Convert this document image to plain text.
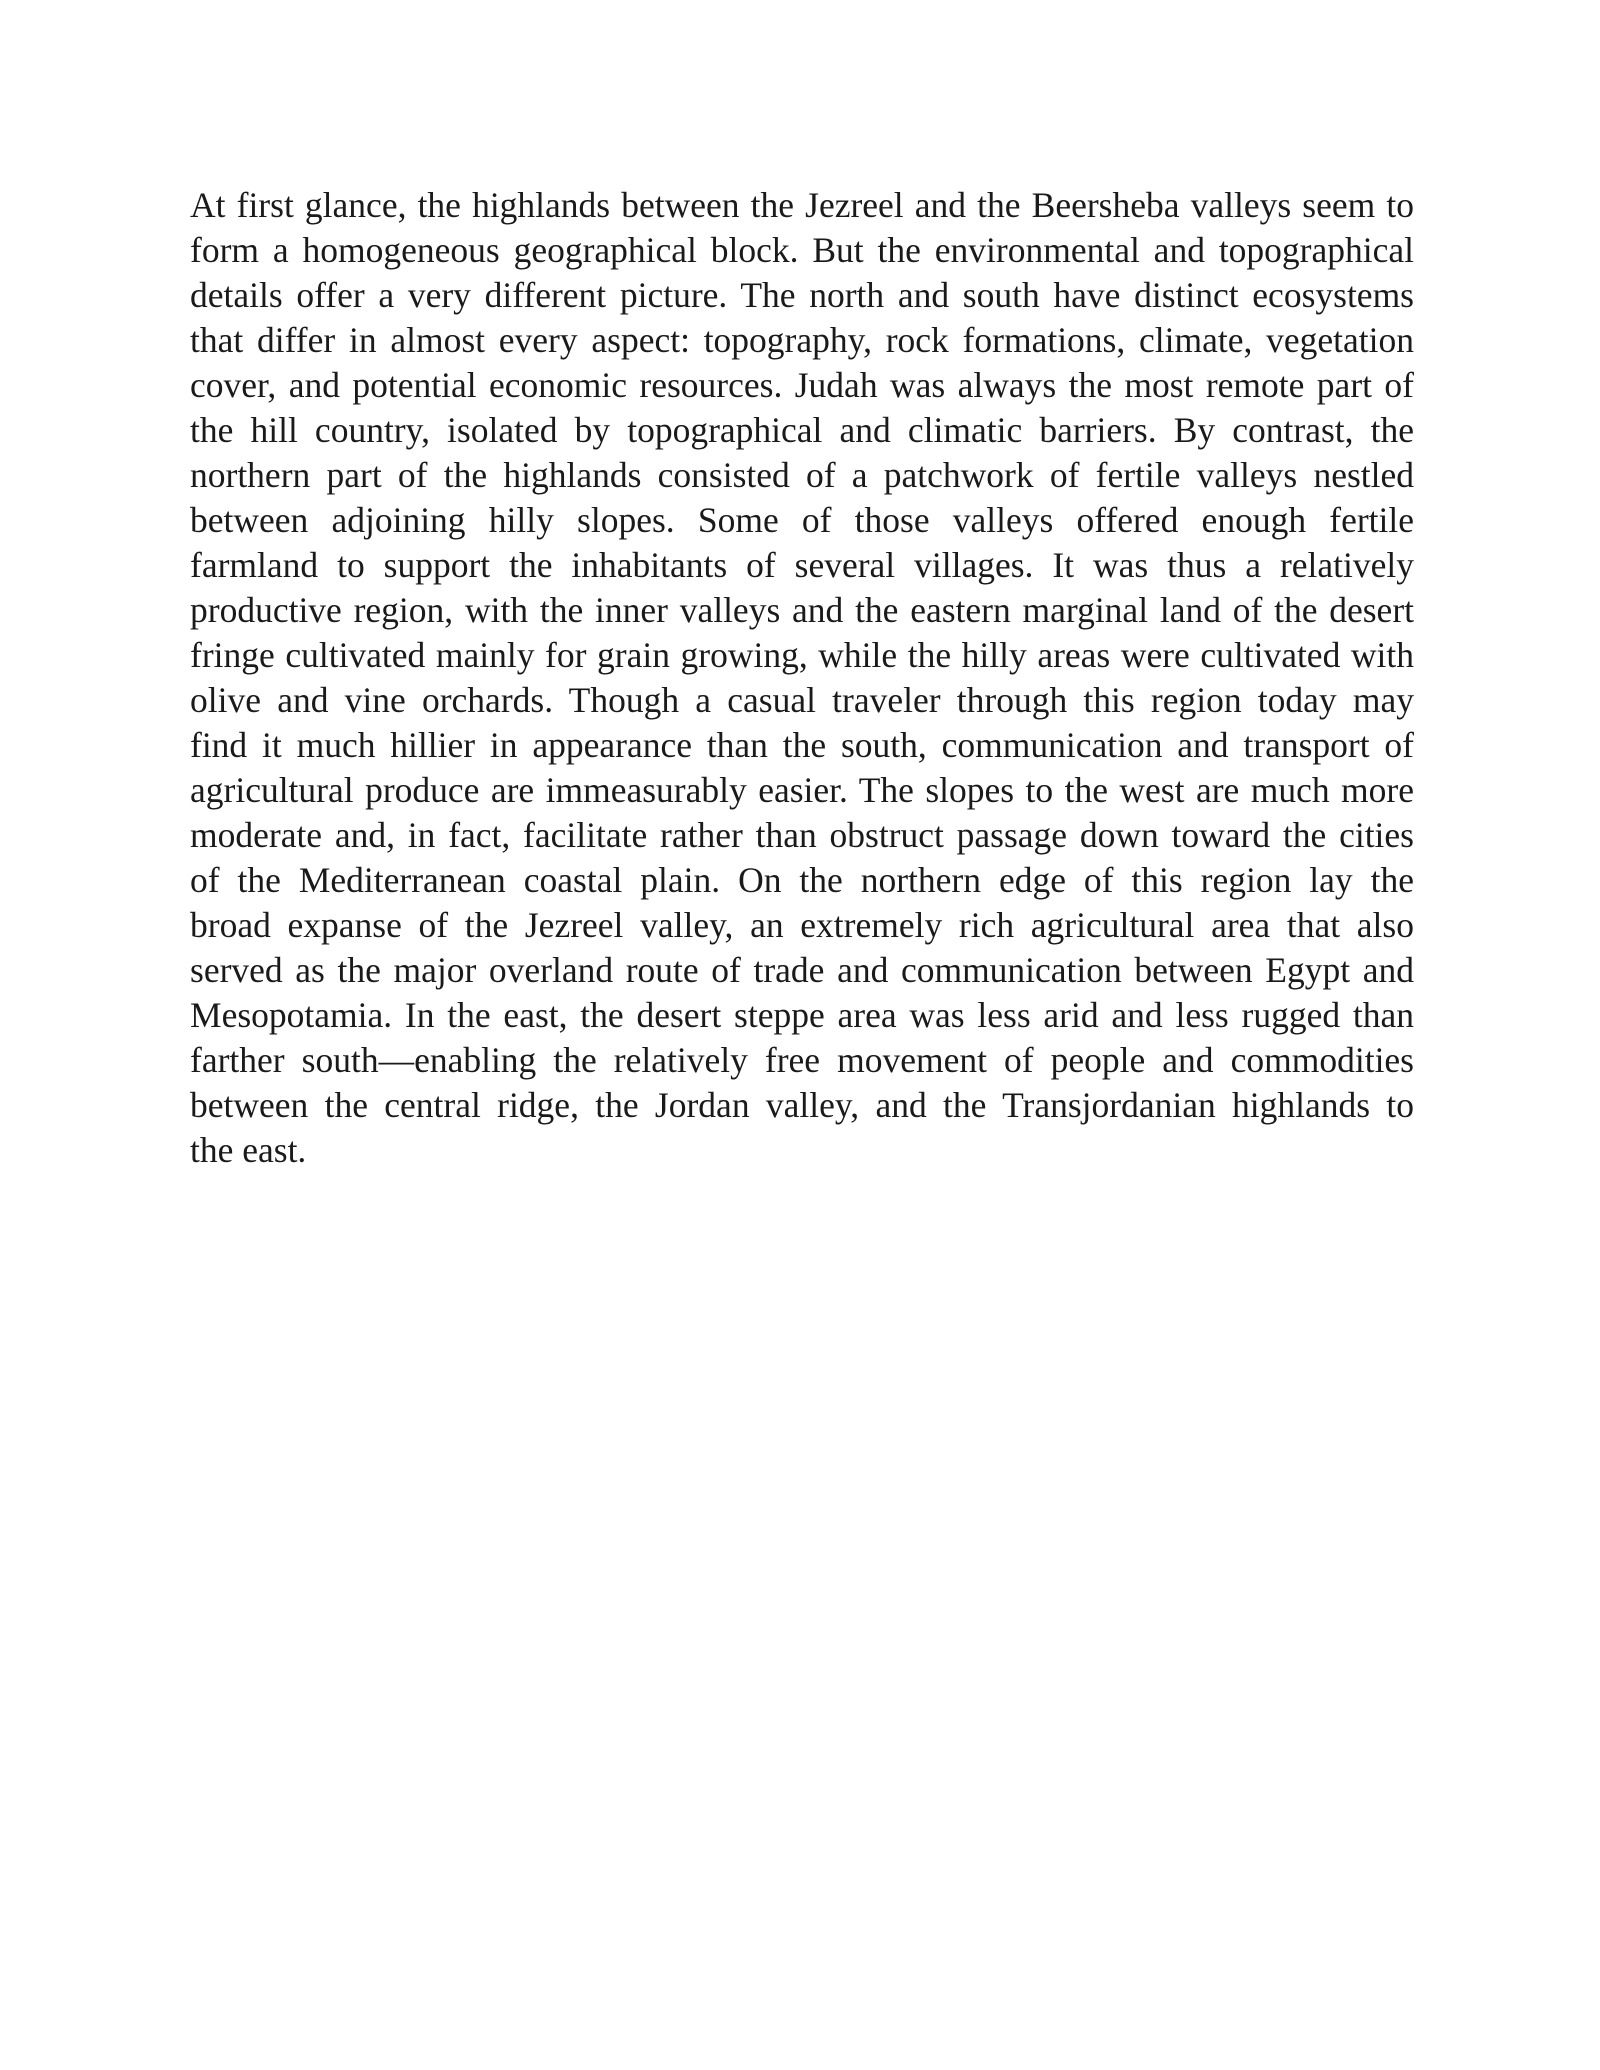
At first glance, the highlands between the Jezreel and the Beersheba valleys seem to
form a homogeneous geographical block. But the environmental and topographical
details offer a very different picture. The north and south have distinct ecosystems
that differ in almost every aspect: topography, rock formations, climate, vegetation
cover, and potential economic resources. Judah was always the most remote part of
the hill country, isolated by topographical and climatic barriers. By contrast, the
northern part of the highlands consisted of a patchwork of fertile valleys nestled
between adjoining hilly slopes. Some of those valleys offered enough fertile
farmland to support the inhabitants of several villages. It was thus a relatively
productive region, with the inner valleys and the eastern marginal land of the desert
fringe cultivated mainly for grain growing, while the hilly areas were cultivated with
olive and vine orchards. Though a casual traveler through this region today may
find it much hillier in appearance than the south, communication and transport of
agricultural produce are immeasurably easier. The slopes to the west are much more
moderate and, in fact, facilitate rather than obstruct passage down toward the cities
of the Mediterranean coastal plain. On the northern edge of this region lay the
broad expanse of the Jezreel valley, an extremely rich agricultural area that also
served as the major overland route of trade and communication between Egypt and
Mesopotamia. In the east, the desert steppe area was less arid and less rugged than
farther south—enabling the relatively free movement of people and commodities
between the central ridge, the Jordan valley, and the Transjordanian highlands to
the east.
